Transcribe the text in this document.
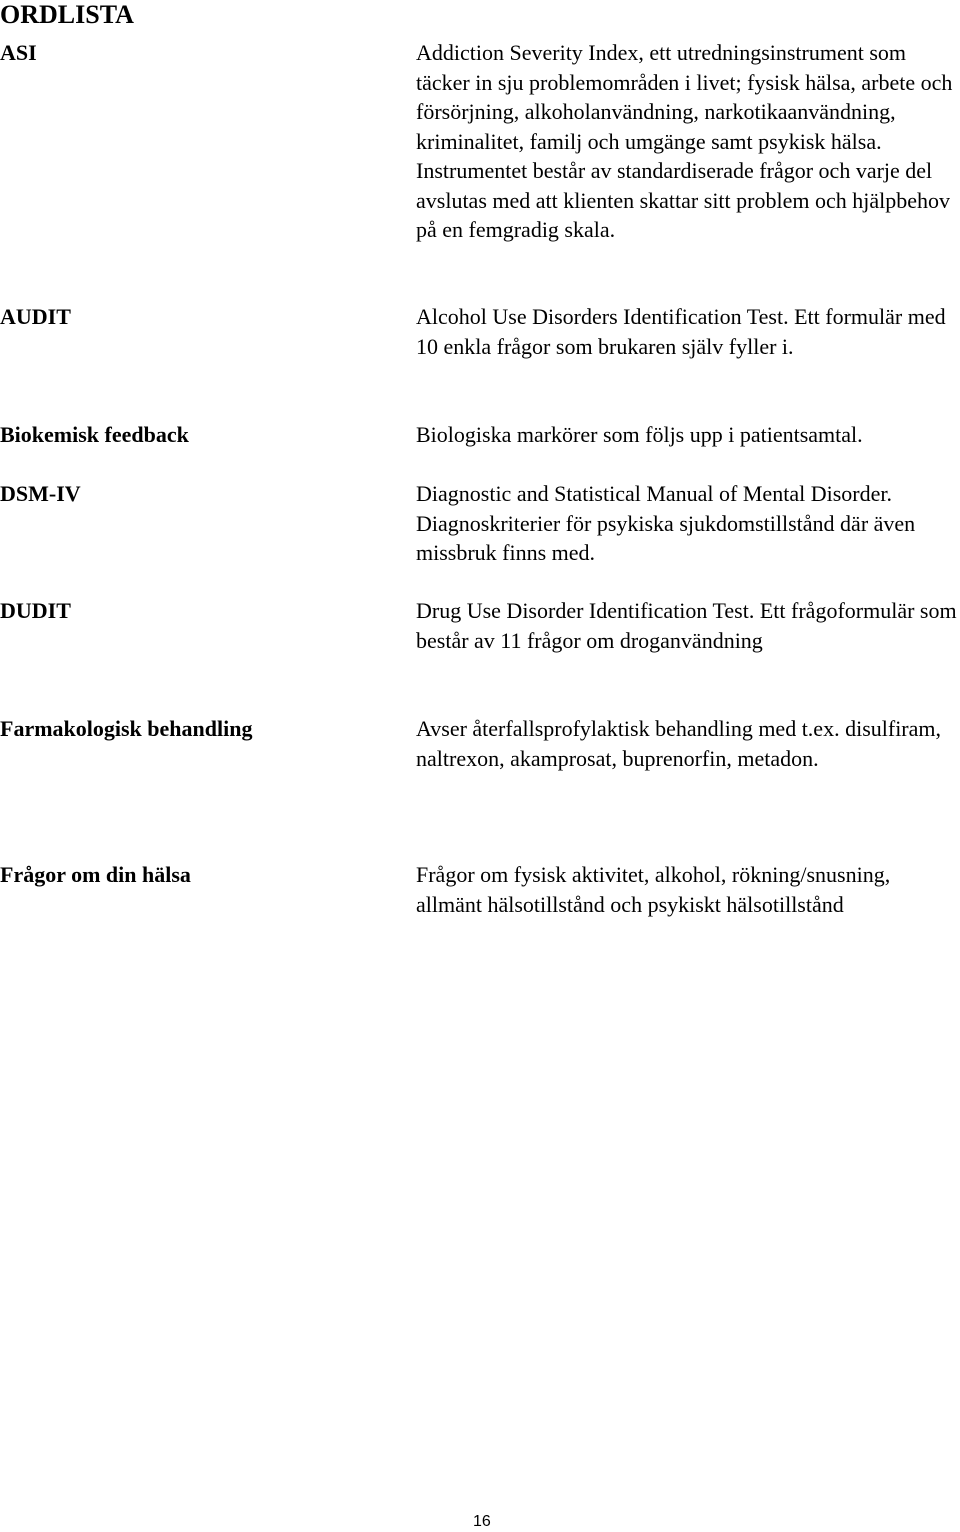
ORDLISTA
ASI	Addiction Severity Index, ett utredningsinstrument som täcker in sju problemområden i livet; fysisk hälsa, arbete och försörjning, alkoholanvändning, narkotikaanvändning, kriminalitet, familj och umgänge samt psykisk hälsa. Instrumentet består av standardiserade frågor och varje del avslutas med att klienten skattar sitt problem och hjälpbehov på en femgradig skala.
AUDIT	Alcohol Use Disorders Identification Test. Ett formulär med 10 enkla frågor som brukaren själv fyller i.
Biokemisk feedback	Biologiska markörer som följs upp i patientsamtal.
DSM-IV	Diagnostic and Statistical Manual of Mental Disorder. Diagnoskriterier för psykiska sjukdomstillstånd där även missbruk finns med.
DUDIT	Drug Use Disorder Identification Test. Ett frågoformulär som består av 11 frågor om droganvändning
Farmakologisk behandling	Avser återfallsprofylaktisk behandling med t.ex. disulfiram, naltrexon, akamprosat, buprenorfin, metadon.
Frågor om din hälsa	Frågor om fysisk aktivitet, alkohol, rökning/snusning, allmänt hälsotillstånd och psykiskt hälsotillstånd
16
